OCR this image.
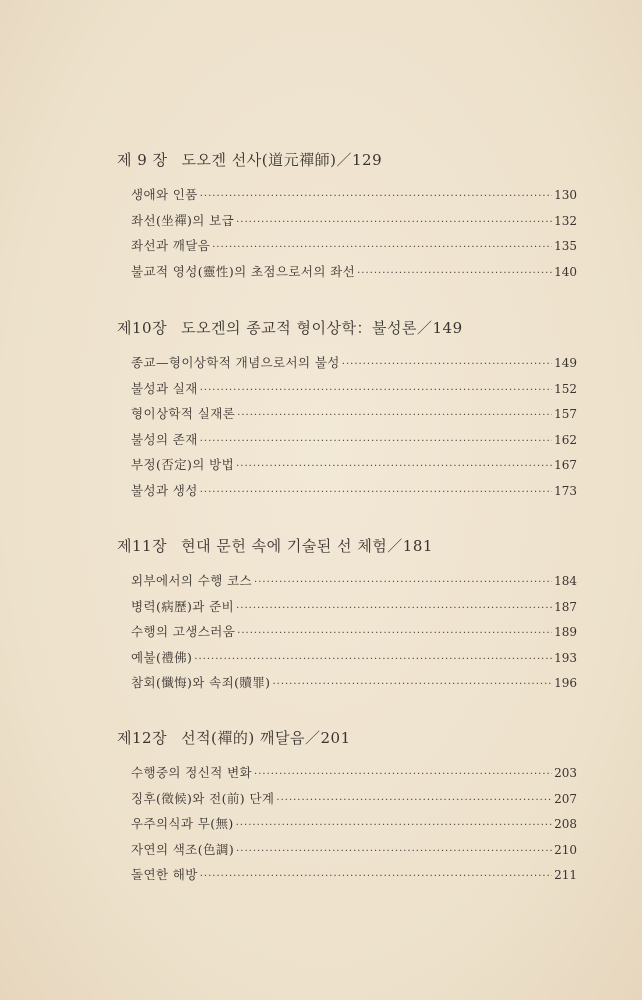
제 9 장 도오겐 선사(道元禪師)／129
생애와 인품 ·····	130
좌선(坐禪)의 보급 ·····	132
좌선과 깨달음 ·····	135
불교적 영성(靈性)의 초점으로서의 좌선 ·····	140
제10장 도오겐의 종교적 형이상학：불성론／149
종교—형이상학적 개념으로서의 불성 ·····	149
불성과 실재 ·····	152
형이상학적 실재론 ·····	157
불성의 존재 ·····	162
부정(否定)의 방법 ·····	167
불성과 생성 ·····	173
제11장 현대 문헌 속에 기술된 선 체험／181
외부에서의 수행 코스 ·····	184
병력(病歷)과 준비 ·····	187
수행의 고생스러움 ·····	189
예불(禮佛) ·····	193
참회(懺悔)와 속죄(贖罪) ·····	196
제12장 선적(禪的) 깨달음／201
수행중의 정신적 변화 ·····	203
징후(徵候)와 전(前) 단계 ·····	207
우주의식과 무(無) ·····	208
자연의 색조(色調) ·····	210
돌연한 해방 ·····	211
